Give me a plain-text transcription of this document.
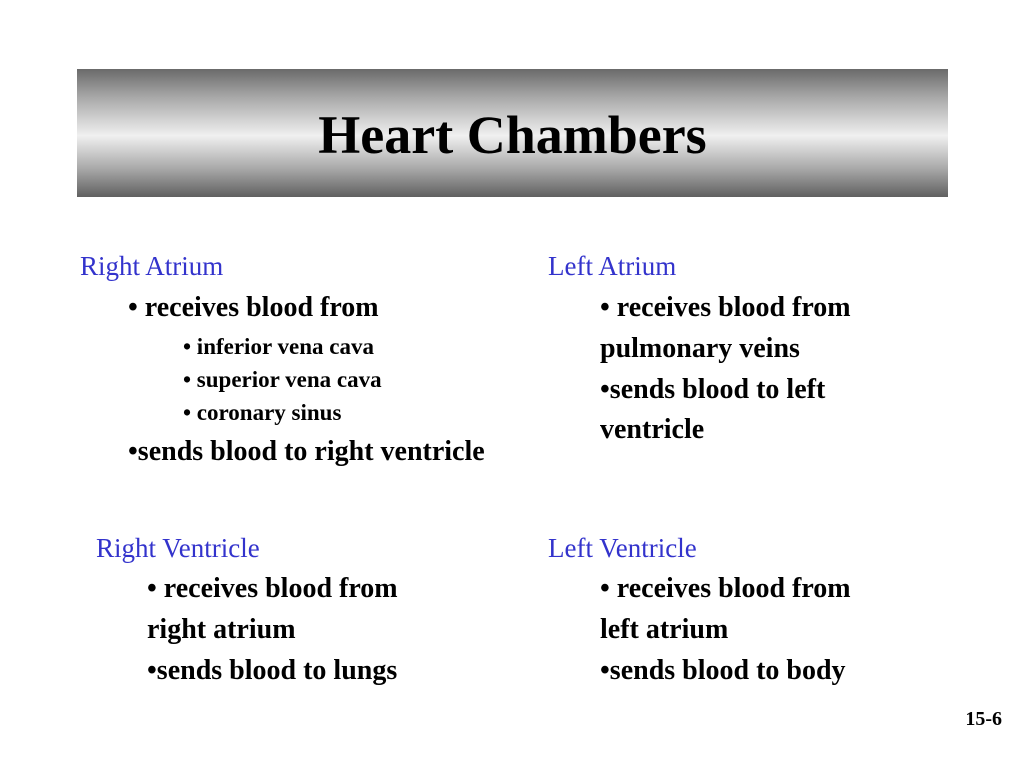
Heart Chambers
Right Atrium
• receives blood from
• inferior vena cava
• superior vena cava
• coronary sinus
•sends blood to right ventricle
Left Atrium
• receives blood from
pulmonary veins
•sends blood to left
ventricle
Right Ventricle
• receives blood from
right atrium
•sends blood to lungs
Left Ventricle
• receives blood from
left atrium
•sends blood to body
15-6
